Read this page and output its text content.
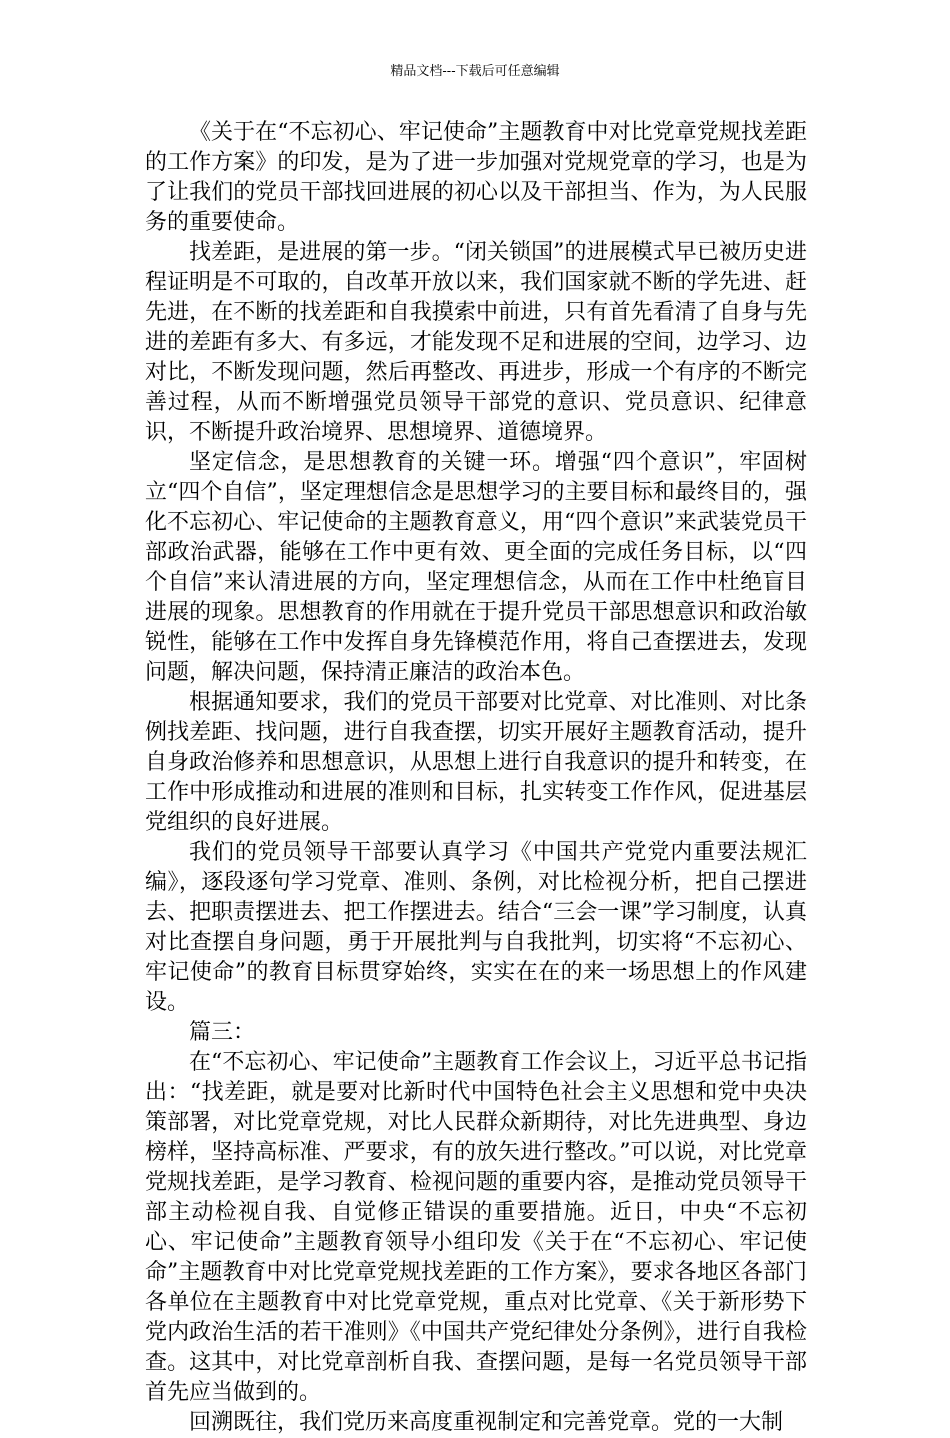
精品文档---下载后可任意编辑

《关于在“不忘初心、牢记使命”主题教育中对比党章党规找差距的工作方案》的印发，是为了进一步加强对党规党章的学习，也是为了让我们的党员干部找回进展的初心以及干部担当、作为，为人民服务的重要使命。

找差距，是进展的第一步。“闭关锁国”的进展模式早已被历史进程证明是不可取的，自改革开放以来，我们国家就不断的学先进、赶先进，在不断的找差距和自我摸索中前进，只有首先看清了自身与先进的差距有多大、有多远，才能发现不足和进展的空间，边学习、边对比，不断发现问题，然后再整改、再进步，形成一个有序的不断完善过程，从而不断增强党员领导干部党的意识、党员意识、纪律意识，不断提升政治境界、思想境界、道德境界。

坚定信念，是思想教育的关键一环。增强“四个意识”，牢固树立“四个自信”，坚定理想信念是思想学习的主要目标和最终目的，强化不忘初心、牢记使命的主题教育意义，用“四个意识”来武装党员干部政治武器，能够在工作中更有效、更全面的完成任务目标，以“四个自信”来认清进展的方向，坚定理想信念，从而在工作中杜绝盲目进展的现象。思想教育的作用就在于提升党员干部思想意识和政治敏锐性，能够在工作中发挥自身先锋模范作用，将自己查摆进去，发现问题，解决问题，保持清正廉洁的政治本色。

根据通知要求，我们的党员干部要对比党章、对比准则、对比条例找差距、找问题，进行自我查摆，切实开展好主题教育活动，提升自身政治修养和思想意识，从思想上进行自我意识的提升和转变，在工作中形成推动和进展的准则和目标，扎实转变工作作风，促进基层党组织的良好进展。

我们的党员领导干部要认真学习《中国共产党党内重要法规汇编》，逐段逐句学习党章、准则、条例，对比检视分析，把自己摆进去、把职责摆进去、把工作摆进去。结合“三会一课”学习制度，认真对比查摆自身问题，勇于开展批判与自我批判，切实将“不忘初心、牢记使命”的教育目标贯穿始终，实实在在的来一场思想上的作风建设。

篇三：

在“不忘初心、牢记使命”主题教育工作会议上，习近平总书记指出：“找差距，就是要对比新时代中国特色社会主义思想和党中央决策部署，对比党章党规，对比人民群众新期待，对比先进典型、身边榜样，坚持高标准、严要求，有的放矢进行整改。”可以说，对比党章党规找差距，是学习教育、检视问题的重要内容，是推动党员领导干部主动检视自我、自觉修正错误的重要措施。近日，中央“不忘初心、牢记使命”主题教育领导小组印发《关于在“不忘初心、牢记使命”主题教育中对比党章党规找差距的工作方案》，要求各地区各部门各单位在主题教育中对比党章党规，重点对比党章、《关于新形势下党内政治生活的若干准则》《中国共产党纪律处分条例》，进行自我检查。这其中，对比党章剖析自我、查摆问题，是每一名党员领导干部首先应当做到的。

回溯既往，我们党历来高度重视制定和完善党章。党的一大制
